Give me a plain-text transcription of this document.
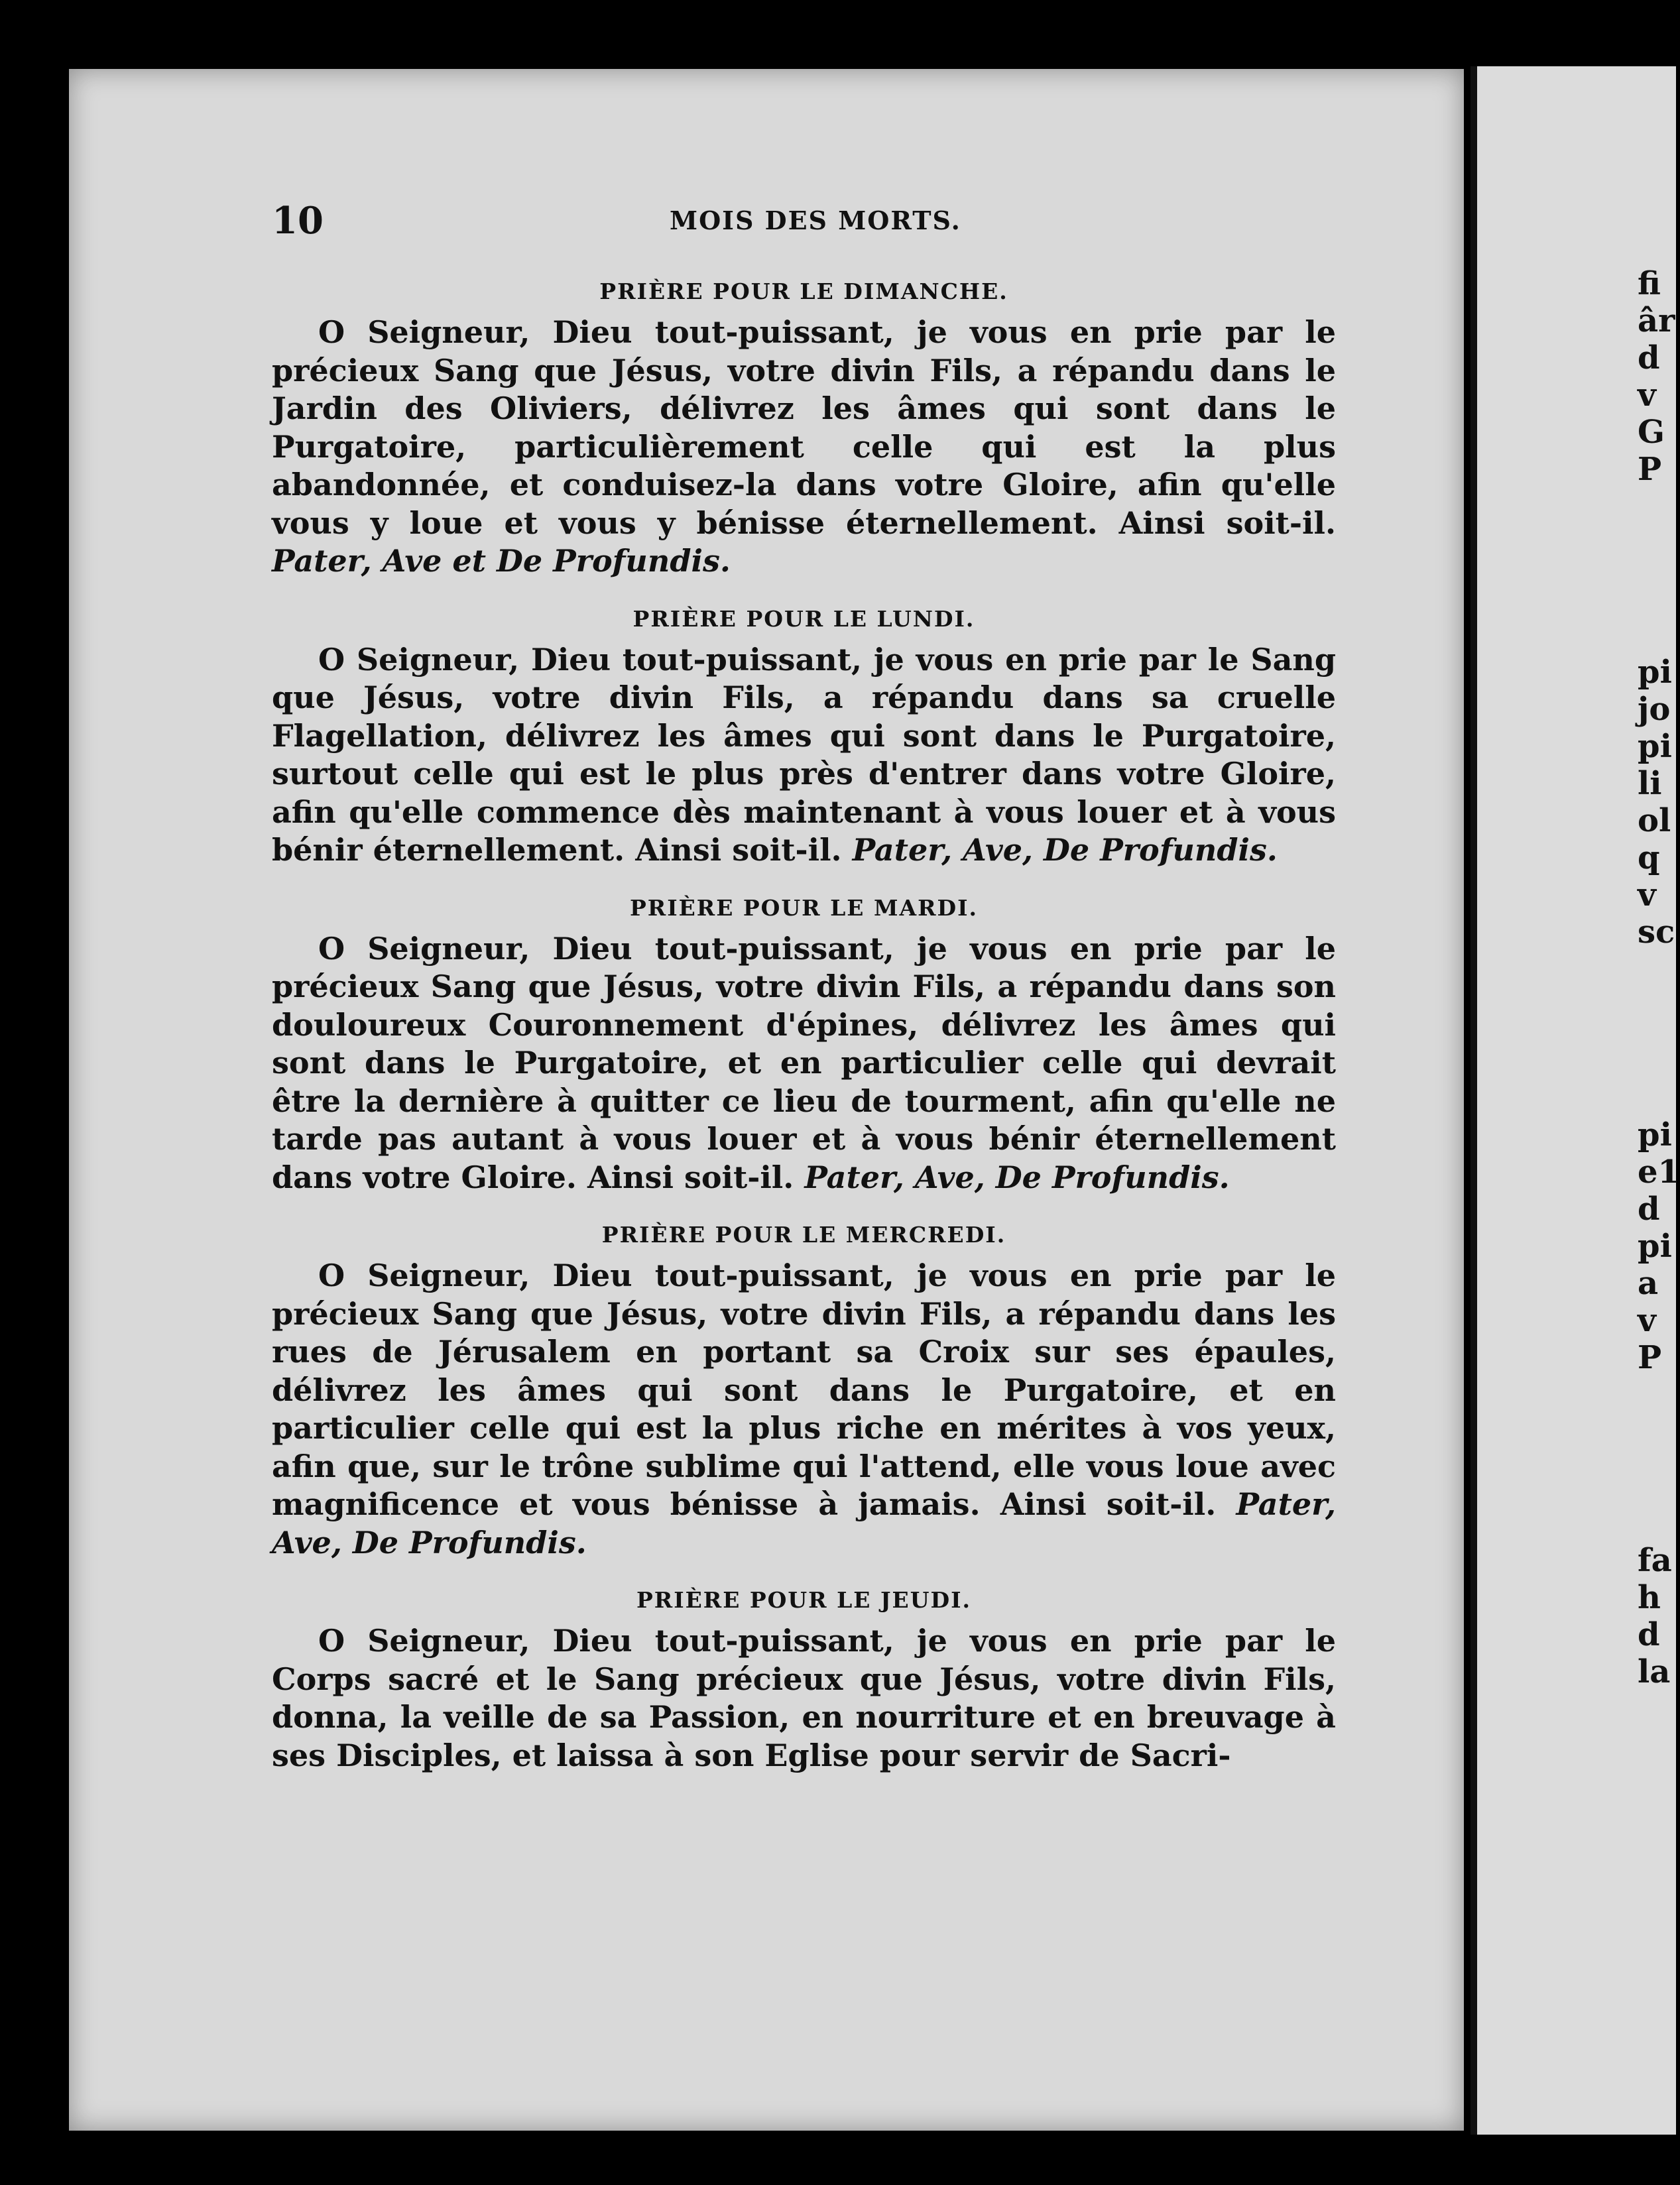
10	MOIS DES MORTS.
PRIÈRE POUR LE DIMANCHE.

O Seigneur, Dieu tout-puissant, je vous en prie par le précieux Sang que Jésus, votre divin Fils, a répandu dans le Jardin des Oliviers, délivrez les âmes qui sont dans le Purgatoire, particulièrement celle qui est la plus abandonnée, et conduisez-la dans votre Gloire, afin qu'elle vous y loue et vous y bénisse éternellement. Ainsi soit-il. Pater, Ave et De Profundis.

PRIÈRE POUR LE LUNDI.

O Seigneur, Dieu tout-puissant, je vous en prie par le Sang que Jésus, votre divin Fils, a répandu dans sa cruelle Flagellation, délivrez les âmes qui sont dans le Purgatoire, surtout celle qui est le plus près d'entrer dans votre Gloire, afin qu'elle commence dès maintenant à vous louer et à vous bénir éternellement. Ainsi soit-il. Pater, Ave, De Profundis.

PRIÈRE POUR LE MARDI.

O Seigneur, Dieu tout-puissant, je vous en prie par le précieux Sang que Jésus, votre divin Fils, a répandu dans son douloureux Couronnement d'épines, délivrez les âmes qui sont dans le Purgatoire, et en particulier celle qui devrait être la dernière à quitter ce lieu de tourment, afin qu'elle ne tarde pas autant à vous louer et à vous bénir éternellement dans votre Gloire. Ainsi soit-il. Pater, Ave, De Profundis.

PRIÈRE POUR LE MERCREDI.

O Seigneur, Dieu tout-puissant, je vous en prie par le précieux Sang que Jésus, votre divin Fils, a répandu dans les rues de Jérusalem en portant sa Croix sur ses épaules, délivrez les âmes qui sont dans le Purgatoire, et en particulier celle qui est la plus riche en mérites à vos yeux, afin que, sur le trône sublime qui l'attend, elle vous loue avec magnificence et vous bénisse à jamais. Ainsi soit-il. Pater, Ave, De Profundis.

PRIÈRE POUR LE JEUDI.

O Seigneur, Dieu tout-puissant, je vous en prie par le Corps sacré et le Sang précieux que Jésus, votre divin Fils, donna, la veille de sa Passion, en nourriture et en breuvage à ses Disciples, et laissa à son Eglise pour servir de Sacri-

fi
âr
d
v
G
P
pi
jo
pi
li
ol
q
v
sc
pi
e1
d
pi
a
v
P
fa
h
d
la
